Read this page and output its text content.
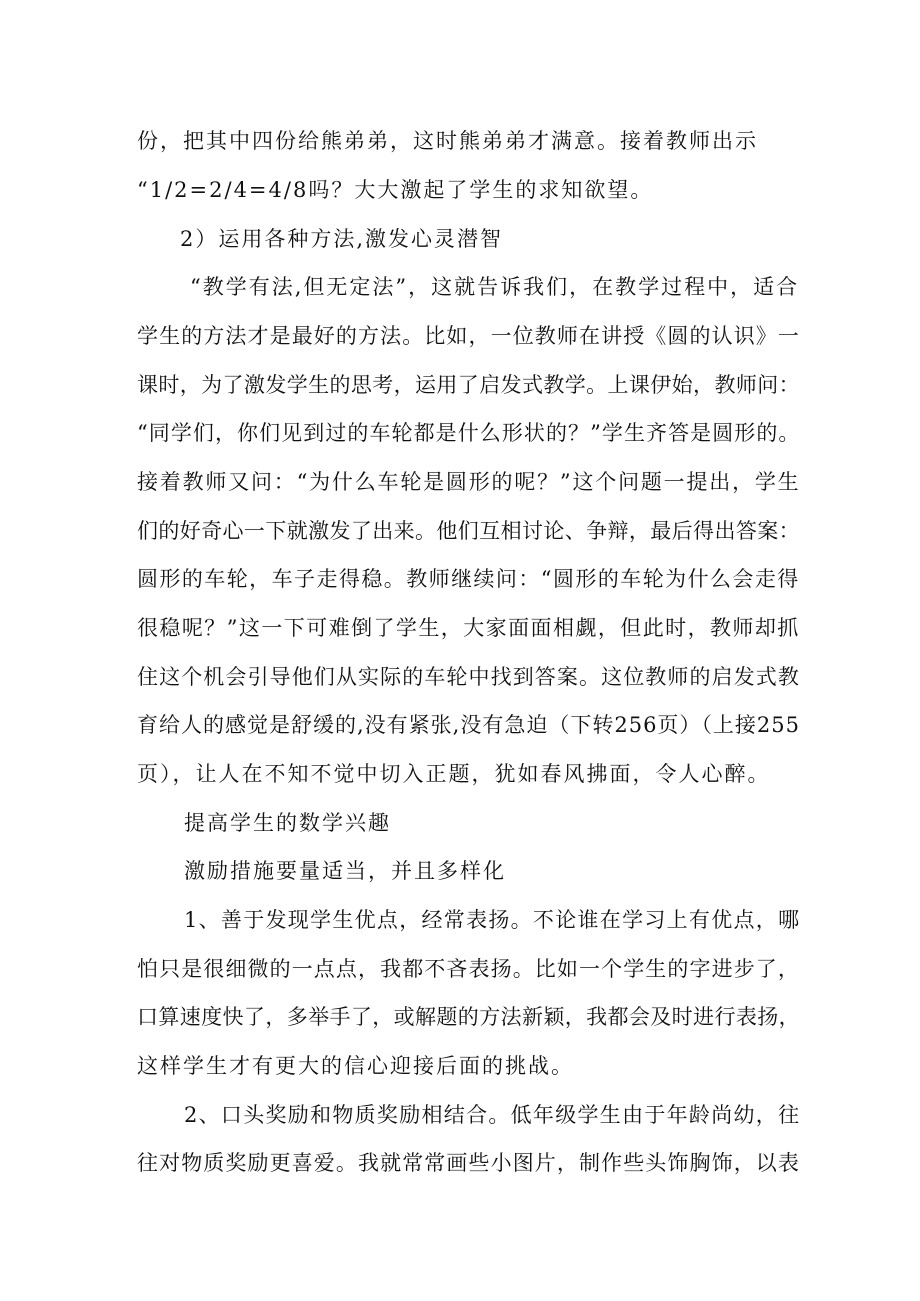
份，把其中四份给熊弟弟，这时熊弟弟才满意。接着教师出示
“1/2=2/4=4/8吗？大大激起了学生的求知欲望。
2）运用各种方法,激发心灵潜智
“教学有法,但无定法”，这就告诉我们，在教学过程中，适合
学生的方法才是最好的方法。比如，一位教师在讲授《圆的认识》一
课时，为了激发学生的思考，运用了启发式教学。上课伊始，教师问：
“同学们，你们见到过的车轮都是什么形状的？”学生齐答是圆形的。
接着教师又问：“为什么车轮是圆形的呢？”这个问题一提出，学生
们的好奇心一下就激发了出来。他们互相讨论、争辩，最后得出答案：
圆形的车轮，车子走得稳。教师继续问：“圆形的车轮为什么会走得
很稳呢？”这一下可难倒了学生，大家面面相觑，但此时，教师却抓
住这个机会引导他们从实际的车轮中找到答案。这位教师的启发式教
育给人的感觉是舒缓的,没有紧张,没有急迫（下转256页）（上接255
页），让人在不知不觉中切入正题，犹如春风拂面，令人心醉。
提高学生的数学兴趣
激励措施要量适当，并且多样化
1、善于发现学生优点，经常表扬。不论谁在学习上有优点，哪
怕只是很细微的一点点，我都不吝表扬。比如一个学生的字进步了，
口算速度快了，多举手了，或解题的方法新颖，我都会及时进行表扬，
这样学生才有更大的信心迎接后面的挑战。
2、口头奖励和物质奖励相结合。低年级学生由于年龄尚幼，往
往对物质奖励更喜爱。我就常常画些小图片，制作些头饰胸饰，以表
